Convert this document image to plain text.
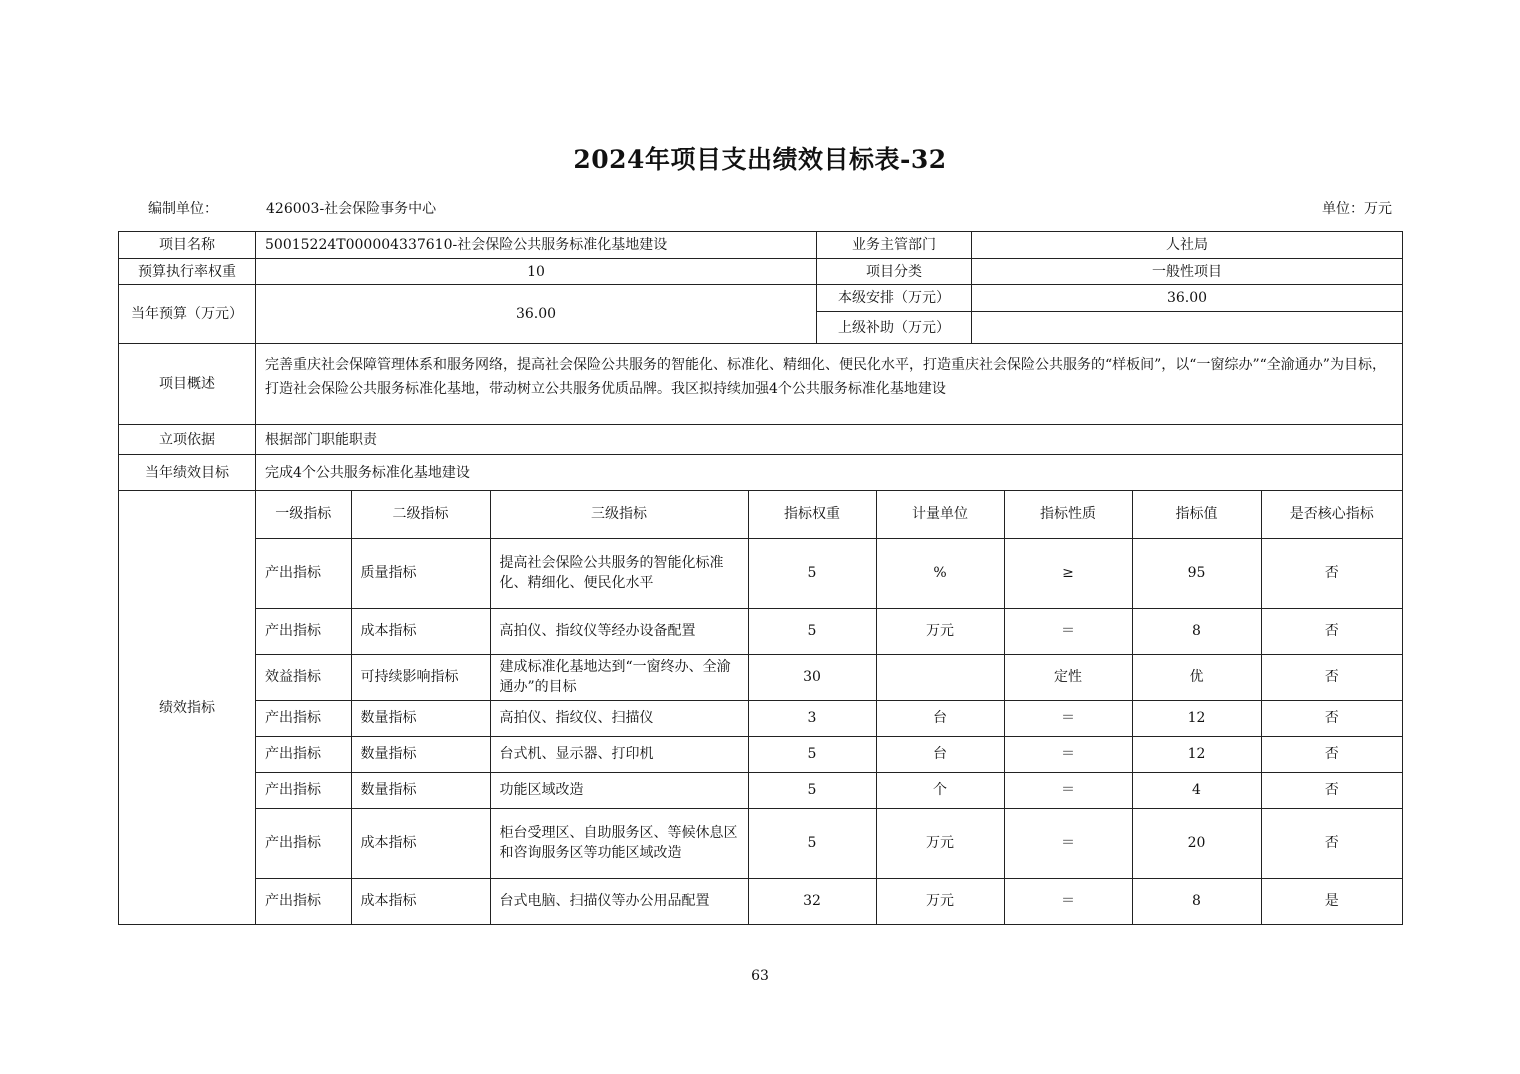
2024年项目支出绩效目标表-32
编制单位：	426003-社会保险事务中心	单位：万元
项目名称	50015224T000004337610-社会保险公共服务标准化基地建设	业务主管部门	人社局
预算执行率权重	10	项目分类	一般性项目
当年预算（万元）	36.00	本级安排（万元）	36.00
上级补助（万元）	
项目概述	完善重庆社会保障管理体系和服务网络，提高社会保险公共服务的智能化、标准化、精细化、便民化水平，打造重庆社会保险公共服务的“样板间”，以“一窗综办”“全渝通办”为目标，打造社会保险公共服务标准化基地，带动树立公共服务优质品牌。我区拟持续加强4个公共服务标准化基地建设
立项依据	根据部门职能职责
当年绩效目标	完成4个公共服务标准化基地建设
绩效指标	
一级指标	二级指标	三级指标	指标权重	计量单位	指标性质	指标值	是否核心指标
产出指标	质量指标	提高社会保险公共服务的智能化标准化、精细化、便民化水平	5	%	≥	95	否
产出指标	成本指标	高拍仪、指纹仪等经办设备配置	5	万元	＝	8	否
效益指标	可持续影响指标	建成标准化基地达到“一窗终办、全渝通办”的目标	30		定性	优	否
产出指标	数量指标	高拍仪、指纹仪、扫描仪	3	台	＝	12	否
产出指标	数量指标	台式机、显示器、打印机	5	台	＝	12	否
产出指标	数量指标	功能区域改造	5	个	＝	4	否
产出指标	成本指标	柜台受理区、自助服务区、等候休息区和咨询服务区等功能区域改造	5	万元	＝	20	否
产出指标	成本指标	台式电脑、扫描仪等办公用品配置	32	万元	＝	8	是
63
